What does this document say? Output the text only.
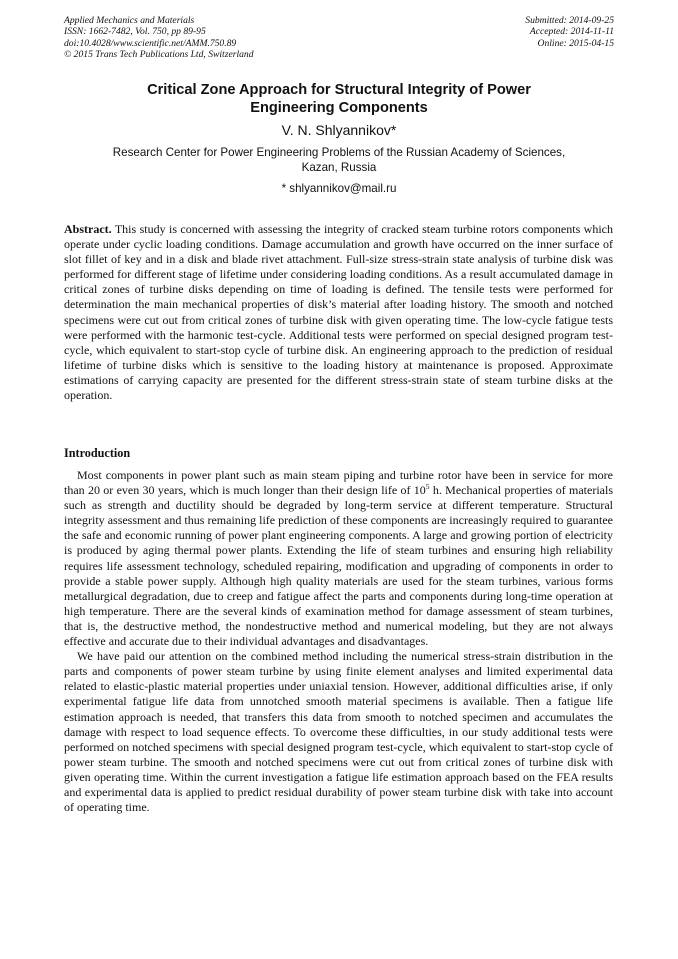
Applied Mechanics and Materials
ISSN: 1662-7482, Vol. 750, pp 89-95
doi:10.4028/www.scientific.net/AMM.750.89
© 2015 Trans Tech Publications Ltd, Switzerland
Submitted: 2014-09-25
Accepted: 2014-11-11
Online: 2015-04-15
Critical Zone Approach for Structural Integrity of Power
Engineering Components
V. N. Shlyannikov*
Research Center for Power Engineering Problems of the Russian Academy of Sciences,
Kazan, Russia
* shlyannikov@mail.ru
Abstract. This study is concerned with assessing the integrity of cracked steam turbine rotors components which operate under cyclic loading conditions. Damage accumulation and growth have occurred on the inner surface of slot fillet of key and in a disk and blade rivet attachment. Full-size stress-strain state analysis of turbine disk was performed for different stage of lifetime under considering loading conditions. As a result accumulated damage in critical zones of turbine disks depending on time of loading is defined. The tensile tests were performed for determination the main mechanical properties of disk’s material after loading history. The smooth and notched specimens were cut out from critical zones of turbine disk with given operating time. The low-cycle fatigue tests were performed with the harmonic test-cycle. Additional tests were performed on special designed program test-cycle, which equivalent to start-stop cycle of turbine disk. An engineering approach to the prediction of residual lifetime of turbine disks which is sensitive to the loading history at maintenance is proposed. Approximate estimations of carrying capacity are presented for the different stress-strain state of steam turbine disks at the operation.
Introduction

Most components in power plant such as main steam piping and turbine rotor have been in service for more than 20 or even 30 years, which is much longer than their design life of $10^5$ h. Mechanical properties of materials such as strength and ductility should be degraded by long-term service at different temperature. Structural integrity assessment and thus remaining life prediction of these components are increasingly required to guarantee the safe and economic running of power plant engineering components. A large and growing portion of electricity is produced by aging thermal power plants. Extending the life of steam turbines and ensuring high reliability requires life assessment technology, scheduled repairing, modification and upgrading of components in order to provide a stable power supply. Although high quality materials are used for the steam turbines, various forms metallurgical degradation, due to creep and fatigue affect the parts and components during long-time operation at high temperature. There are the several kinds of examination method for damage assessment of steam turbines, that is, the destructive method, the nondestructive method and numerical modeling, but they are not always effective and accurate due to their individual advantages and disadvantages.

We have paid our attention on the combined method including the numerical stress-strain distribution in the parts and components of power steam turbine by using finite element analyses and limited experimental data related to elastic-plastic material properties under uniaxial tension. However, additional difficulties arise, if only experimental fatigue life data from unnotched smooth material specimens is available. Then a fatigue life estimation approach is needed, that transfers this data from smooth to notched specimen and accumulates the damage with respect to load sequence effects. To overcome these difficulties, in our study additional tests were performed on notched specimens with special designed program test-cycle, which equivalent to start-stop cycle of power steam turbine. The smooth and notched specimens were cut out from critical zones of turbine disk with given operating time. Within the current investigation a fatigue life estimation approach based on the FEA results and experimental data is applied to predict residual durability of power steam turbine disk with take into account of operating time.
